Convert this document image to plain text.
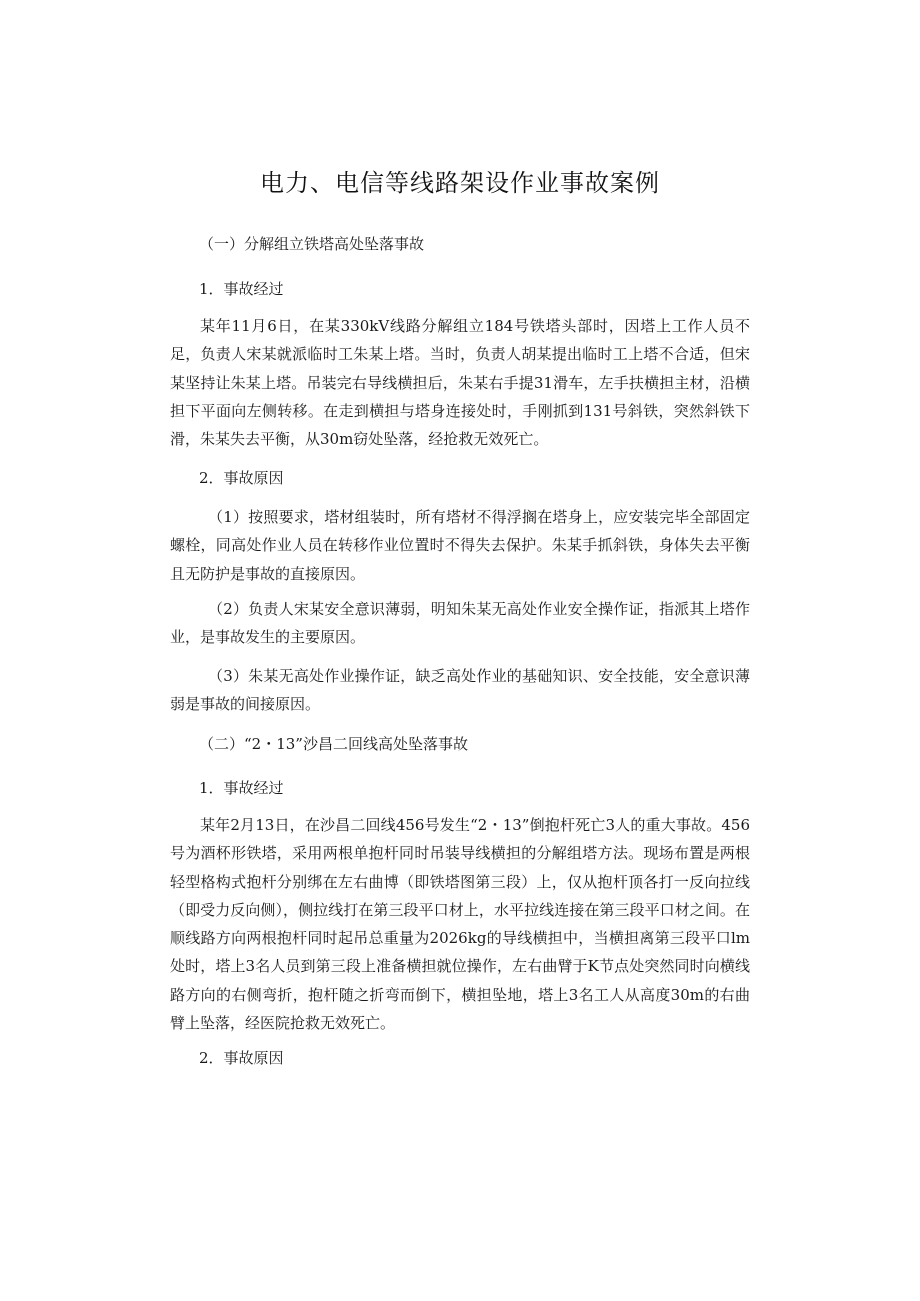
电力、电信等线路架设作业事故案例
（一）分解组立铁塔高处坠落事故
1．事故经过

某年11月6日，在某330kV线路分解组立184号铁塔头部时，因塔上工作人员不足，负责人宋某就派临时工朱某上塔。当时，负责人胡某提出临时工上塔不合适，但宋某坚持让朱某上塔。吊装完右导线横担后，朱某右手提31滑车，左手扶横担主材，沿横担下平面向左侧转移。在走到横担与塔身连接处时，手刚抓到131号斜铁，突然斜铁下滑，朱某失去平衡，从30m窃处坠落，经抢救无效死亡。

2．事故原因

（1）按照要求，塔材组装时，所有塔材不得浮搁在塔身上，应安装完毕全部固定螺栓，同高处作业人员在转移作业位置时不得失去保护。朱某手抓斜铁，身体失去平衡且无防护是事故的直接原因。

（2）负责人宋某安全意识薄弱，明知朱某无高处作业安全操作证，指派其上塔作业，是事故发生的主要原因。

（3）朱某无高处作业操作证，缺乏高处作业的基础知识、安全技能，安全意识薄弱是事故的间接原因。

（二）“2・13”沙昌二回线高处坠落事故
1．事故经过

某年2月13日，在沙昌二回线456号发生“2・13”倒抱杆死亡3人的重大事故。456号为酒杯形铁塔，采用两根单抱杆同时吊装导线横担的分解组塔方法。现场布置是两根轻型格构式抱杆分别绑在左右曲博（即铁塔图第三段）上，仅从抱杆顶各打一反向拉线（即受力反向侧），侧拉线打在第三段平口材上，水平拉线连接在第三段平口材之间。在顺线路方向两根抱杆同时起吊总重量为2026kg的导线横担中，当横担离第三段平口lm处时，塔上3名人员到第三段上准备横担就位操作，左右曲臂于K节点处突然同时向横线路方向的右侧弯折，抱杆随之折弯而倒下，横担坠地，塔上3名工人从高度30m的右曲臂上坠落，经医院抢救无效死亡。

2．事故原因
